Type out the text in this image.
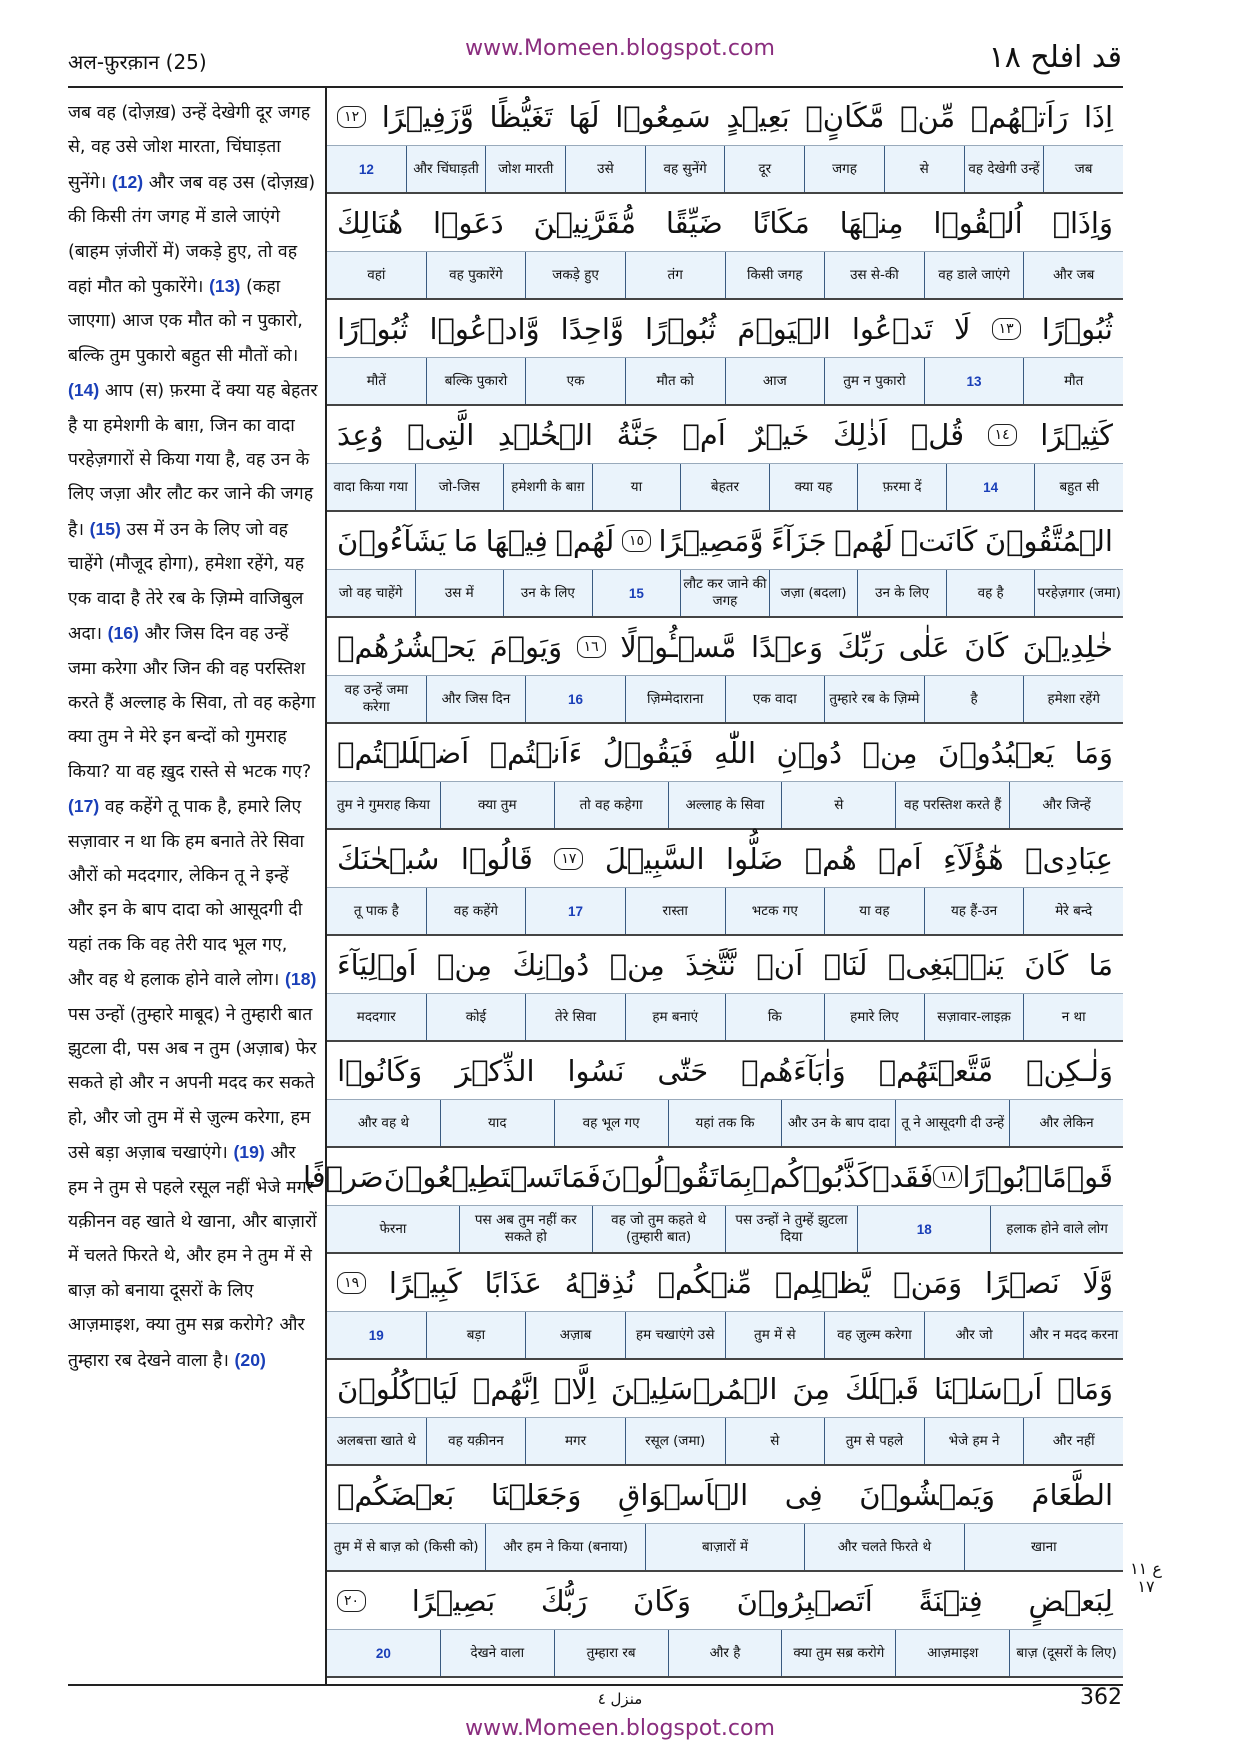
अल-फ़ुरक़ान (25)
www.Momeen.blogspot.com	قد افلح ١٨
जब वह (दोज़ख़) उन्हें देखेगी दूर जगह से, वह उसे जोश मारता, चिंघाड़ता सुनेंगे। (12) और जब वह उस (दोज़ख़) की किसी तंग जगह में डाले जाएंगे (बाहम ज़ंजीरों में) जकड़े हुए, तो वह वहां मौत को पुकारेंगे। (13) (कहा जाएगा) आज एक मौत को न पुकारो, बल्कि तुम पुकारो बहुत सी मौतों को। (14) आप (स) फ़रमा दें क्या यह बेहतर है या हमेशगी के बाग़, जिन का वादा परहेज़गारों से किया गया है, वह उन के लिए जज़ा और लौट कर जाने की जगह है। (15) उस में उन के लिए जो वह चाहेंगे (मौजूद होगा), हमेशा रहेंगे, यह एक वादा है तेरे रब के ज़िम्मे वाजिबुल अदा। (16) और जिस दिन वह उन्हें जमा करेगा और जिन की वह परस्तिश करते हैं अल्लाह के सिवा, तो वह कहेगा क्या तुम ने मेरे इन बन्दों को गुमराह किया? या वह ख़ुद रास्ते से भटक गए? (17) वह कहेंगे तू पाक है, हमारे लिए सज़ावार न था कि हम बनाते तेरे सिवा औरों को मददगार, लेकिन तू ने इन्हें और इन के बाप दादा को आसूदगी दी यहां तक कि वह तेरी याद भूल गए, और वह थे हलाक होने वाले लोग। (18) पस उन्हों (तुम्हारे माबूद) ने तुम्हारी बात झुटला दी, पस अब न तुम (अज़ाब) फेर सकते हो और न अपनी मदद कर सकते हो, और जो तुम में से ज़ुल्म करेगा, हम उसे बड़ा अज़ाब चखाएंगे। (19) और हम ने तुम से पहले रसूल नहीं भेजे मगर यक़ीनन वह खाते थे खाना, और बाज़ारों में चलते फिरते थे, और हम ने तुम में से बाज़ को बनाया दूसरों के लिए आज़माइश, क्या तुम सब्र करोगे? और तुम्हारा रब देखने वाला है। (20)
اِذَا
رَاَتۡهُمۡ
مِّنۡ
مَّكَانٍۭ
بَعِيۡدٍ
سَمِعُوۡا
لَهَا
تَغَيُّظًا
وَّزَفِيۡرًا
١٢
जब
वह देखेगी उन्हें
से
जगह
दूर
वह सुनेंगे
उसे
जोश मारती
और चिंघाड़ती
12
وَاِذَاۤ
اُلۡقُوۡا
مِنۡهَا
مَكَانًا
ضَيِّقًا
مُّقَرَّنِيۡنَ
دَعَوۡا
هُنَالِكَ
और जब
वह डाले जाएंगे
उस से-की
किसी जगह
तंग
जकड़े हुए
वह पुकारेंगे
वहां
ثُبُوۡرًا
١٣
لَا
تَدۡعُوا
الۡيَوۡمَ
ثُبُوۡرًا
وَّاحِدًا
وَّادۡعُوۡا
ثُبُوۡرًا
मौत
13
तुम न पुकारो
आज
मौत को
एक
बल्कि पुकारो
मौतें
كَثِيۡرًا
١٤
قُلۡ
اَذٰلِكَ
خَيۡرٌ
اَمۡ
جَنَّةُ
الۡخُلۡدِ
الَّتِىۡ
وُعِدَ
बहुत सी
14
फ़रमा दें
क्या यह
बेहतर
या
हमेशगी के बाग़
जो-जिस
वादा किया गया
الۡمُتَّقُوۡنَ
كَانَتۡ
لَهُمۡ
جَزَآءً
وَّمَصِيۡرًا
١٥
لَهُمۡ
فِيۡهَا
مَا
يَشَآءُوۡنَ
परहेज़गार (जमा)
वह है
उन के लिए
जज़ा (बदला)
लौट कर जाने की जगह
15
उन के लिए
उस में
जो वह चाहेंगे
خٰلِدِيۡنَ
كَانَ
عَلٰى
رَبِّكَ
وَعۡدًا
مَّسۡـُٔوۡلًا
١٦
وَيَوۡمَ
يَحۡشُرُهُمۡ
हमेशा रहेंगे
है
तुम्हारे रब के ज़िम्मे
एक वादा
ज़िम्मेदाराना
16
और जिस दिन
वह उन्हें जमा करेगा
وَمَا
يَعۡبُدُوۡنَ
مِنۡ
دُوۡنِ
اللّٰهِ
فَيَقُوۡلُ
ءَاَنۡتُمۡ
اَضۡلَلۡتُمۡ
और जिन्हें
वह परस्तिश करते हैं
से
अल्लाह के सिवा
तो वह कहेगा
क्या तुम
तुम ने गुमराह किया
عِبَادِىۡ
هٰٓؤُلَآءِ
اَمۡ
هُمۡ
ضَلُّوا
السَّبِيۡلَ
١٧
قَالُوۡا
سُبۡحٰنَكَ
मेरे बन्दे
यह हैं-उन
या वह
भटक गए
रास्ता
17
वह कहेंगे
तू पाक है
مَا
كَانَ
يَنۡۢبَغِىۡ
لَنَاۤ
اَنۡ
نَّتَّخِذَ
مِنۡ
دُوۡنِكَ
مِنۡ
اَوۡلِيَآءَ
न था
सज़ावार-लाइक़
हमारे लिए
कि
हम बनाएं
तेरे सिवा
कोई
मददगार
وَلٰـكِنۡ
مَّتَّعۡتَهُمۡ
وَاٰبَآءَهُمۡ
حَتّٰى
نَسُوا
الذِّكۡرَ
وَكَانُوۡا
और लेकिन
तू ने आसूदगी दी उन्हें
और उन के बाप दादा
यहां तक कि
वह भूल गए
याद
और वह थे
قَوۡمًاۢ
بُوۡرًا
١٨
فَقَدۡ
كَذَّبُوۡكُمۡ
بِمَا
تَقُوۡلُوۡنَ
فَمَا
تَسۡتَطِيۡعُوۡنَ
صَرۡفًا
हलाक होने वाले लोग
18
पस उन्हों ने तुम्हें झुटला दिया
वह जो तुम कहते थे (तुम्हारी बात)
पस अब तुम नहीं कर सकते हो
फेरना
وَّلَا
نَصۡرًا
وَمَنۡ
يَّظۡلِمۡ
مِّنۡكُمۡ
نُذِقۡهُ
عَذَابًا
كَبِيۡرًا
١٩
और न मदद करना
और जो
वह ज़ुल्म करेगा
तुम में से
हम चखाएंगे उसे
अज़ाब
बड़ा
19
وَمَاۤ
اَرۡسَلۡنَا
قَبۡلَكَ
مِنَ
الۡمُرۡسَلِيۡنَ
اِلَّاۤ
اِنَّهُمۡ
لَيَاۡكُلُوۡنَ
और नहीं
भेजे हम ने
तुम से पहले
से
रसूल (जमा)
मगर
वह यक़ीनन
अलबत्ता खाते थे
الطَّعَامَ
وَيَمۡشُوۡنَ
فِى
الۡاَسۡوَاقِ
وَجَعَلۡنَا
بَعۡضَكُمۡ
खाना
और चलते फिरते थे
बाज़ारों में
और हम ने किया (बनाया)
तुम में से बाज़ को (किसी को)
لِبَعۡضٍ
فِتۡنَةً
اَتَصۡبِرُوۡنَ
وَكَانَ
رَبُّكَ
بَصِيۡرًا
٢٠
बाज़ (दूसरों के लिए)
आज़माइश
क्या तुम सब्र करोगे
और है
तुम्हारा रब
देखने वाला
20
ع ١١ ١٧
منزل ٤	362
www.Momeen.blogspot.com
